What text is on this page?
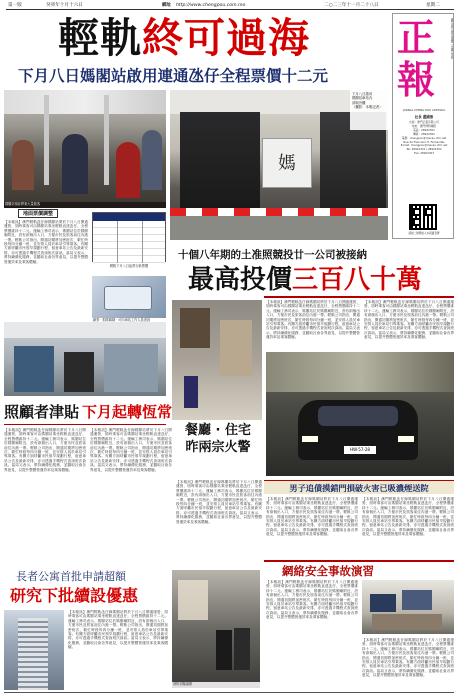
第一版	癸卯年十月十六日	網址 http://www.chengpou.com.mo	二○二三年十一月二十八日	星期二
正報
澳門出版·正報·每逢週一至週五出版
JORNAL CHENG POU LIMITADA
社長 盧國清
出版：澳門正報有限公司
地址：澳門俾利喇街
電話：28922301
傳真：28922302
電郵：chengpou@macau.ctm.net
Rua de Francisco H. Fernandes
E-mail: chengpou@macau.ctm.net
Tel: 28922301 / 28922302
Fax: 28922303
請掃二維碼加入本報讀者群
輕軌終可過海
下月八日媽閣站啟用連通氹仔全程票價十二元
媽閣站預計將來大量旅客
媽
下月八日啟用
媽閣站車站內
部與外觀
（攝影：本報記者）
地面票價調整
【本報訊】澳門輕軌氹仔線媽閣站將於下月八日開通運營，屆時乘客可由媽閣站乘坐輕軌直達氹仔，全程票價維持十二元。運輸工務司表示，媽閣站位於媽閣廟附近，設有兩個出入口，方便市民及旅客前往內港一帶。輕軌公司指出，開通初期將加密班次，繁忙時段每四分鐘一班，並安排人員於車站引導乘客。有關方面呼籲市民預早規劃行程，留意車站公告及最新安排，亦可透過手機程式查詢班次資訊。當局又表示，將持續優化服務，並聽取社會各界意見，以提升整體營運效率及乘客體驗。
輕軌下月八日起實行新票價
網景 · 狗隊聯陳 · 可向車站工作人員查詢
十個八年期的土准照競投廿一公司被接納
最高投價三百八十萬
【本報訊】澳門輕軌氹仔線媽閣站將於下月八日開通運營，屆時乘客可由媽閣站乘坐輕軌直達氹仔，全程票價維持十二元。運輸工務司表示，媽閣站位於媽閣廟附近，設有兩個出入口，方便市民及旅客前往內港一帶。輕軌公司指出，開通初期將加密班次，繁忙時段每四分鐘一班，並安排人員於車站引導乘客。有關方面呼籲市民預早規劃行程，留意車站公告及最新安排，亦可透過手機程式查詢班次資訊。當局又表示，將持續優化服務，並聽取社會各界意見，以提升整體營運效率及乘客體驗。
【本報訊】澳門輕軌氹仔線媽閣站將於下月八日開通運營，屆時乘客可由媽閣站乘坐輕軌直達氹仔，全程票價維持十二元。運輸工務司表示，媽閣站位於媽閣廟附近，設有兩個出入口，方便市民及旅客前往內港一帶。輕軌公司指出，開通初期將加密班次，繁忙時段每四分鐘一班，並安排人員於車站引導乘客。有關方面呼籲市民預早規劃行程，留意車站公告及最新安排，亦可透過手機程式查詢班次資訊。當局又表示，將持續優化服務，並聽取社會各界意見，以提升整體營運效率及乘客體驗。
HW·57-28
照顧者津貼 下月起轉恆常
【本報訊】澳門輕軌氹仔線媽閣站將於下月八日開通運營，屆時乘客可由媽閣站乘坐輕軌直達氹仔，全程票價維持十二元。運輸工務司表示，媽閣站位於媽閣廟附近，設有兩個出入口，方便市民及旅客前往內港一帶。輕軌公司指出，開通初期將加密班次，繁忙時段每四分鐘一班，並安排人員於車站引導乘客。有關方面呼籲市民預早規劃行程，留意車站公告及最新安排，亦可透過手機程式查詢班次資訊。當局又表示，將持續優化服務，並聽取社會各界意見，以提升整體營運效率及乘客體驗。
【本報訊】澳門輕軌氹仔線媽閣站將於下月八日開通運營，屆時乘客可由媽閣站乘坐輕軌直達氹仔，全程票價維持十二元。運輸工務司表示，媽閣站位於媽閣廟附近，設有兩個出入口，方便市民及旅客前往內港一帶。輕軌公司指出，開通初期將加密班次，繁忙時段每四分鐘一班，並安排人員於車站引導乘客。有關方面呼籲市民預早規劃行程，留意車站公告及最新安排，亦可透過手機程式查詢班次資訊。當局又表示，將持續優化服務，並聽取社會各界意見，以提升整體營運效率及乘客體驗。
【本報訊】澳門輕軌氹仔線媽閣站將於下月八日開通運營，屆時乘客可由媽閣站乘坐輕軌直達氹仔，全程票價維持十二元。運輸工務司表示，媽閣站位於媽閣廟附近，設有兩個出入口，方便市民及旅客前往內港一帶。輕軌公司指出，開通初期將加密班次，繁忙時段每四分鐘一班，並安排人員於車站引導乘客。有關方面呼籲市民預早規劃行程，留意車站公告及最新安排，亦可透過手機程式查詢班次資訊。當局又表示，將持續優化服務，並聽取社會各界意見，以提升整體營運效率及乘客體驗。
餐廳 · 住宅
昨兩宗火警
消防到場處理
長者公寓首批申請超額
研究下批續設優惠
【本報訊】澳門輕軌氹仔線媽閣站將於下月八日開通運營，屆時乘客可由媽閣站乘坐輕軌直達氹仔，全程票價維持十二元。運輸工務司表示，媽閣站位於媽閣廟附近，設有兩個出入口，方便市民及旅客前往內港一帶。輕軌公司指出，開通初期將加密班次，繁忙時段每四分鐘一班，並安排人員於車站引導乘客。有關方面呼籲市民預早規劃行程，留意車站公告及最新安排，亦可透過手機程式查詢班次資訊。當局又表示，將持續優化服務，並聽取社會各界意見，以提升整體營運效率及乘客體驗。
男子追債摸錯門損破火害已吸濃煙送院
【本報訊】澳門輕軌氹仔線媽閣站將於下月八日開通運營，屆時乘客可由媽閣站乘坐輕軌直達氹仔，全程票價維持十二元。運輸工務司表示，媽閣站位於媽閣廟附近，設有兩個出入口，方便市民及旅客前往內港一帶。輕軌公司指出，開通初期將加密班次，繁忙時段每四分鐘一班，並安排人員於車站引導乘客。有關方面呼籲市民預早規劃行程，留意車站公告及最新安排，亦可透過手機程式查詢班次資訊。當局又表示，將持續優化服務，並聽取社會各界意見，以提升整體營運效率及乘客體驗。
【本報訊】澳門輕軌氹仔線媽閣站將於下月八日開通運營，屆時乘客可由媽閣站乘坐輕軌直達氹仔，全程票價維持十二元。運輸工務司表示，媽閣站位於媽閣廟附近，設有兩個出入口，方便市民及旅客前往內港一帶。輕軌公司指出，開通初期將加密班次，繁忙時段每四分鐘一班，並安排人員於車站引導乘客。有關方面呼籲市民預早規劃行程，留意車站公告及最新安排，亦可透過手機程式查詢班次資訊。當局又表示，將持續優化服務，並聽取社會各界意見，以提升整體營運效率及乘客體驗。
網絡安全事故演習
【本報訊】澳門輕軌氹仔線媽閣站將於下月八日開通運營，屆時乘客可由媽閣站乘坐輕軌直達氹仔，全程票價維持十二元。運輸工務司表示，媽閣站位於媽閣廟附近，設有兩個出入口，方便市民及旅客前往內港一帶。輕軌公司指出，開通初期將加密班次，繁忙時段每四分鐘一班，並安排人員於車站引導乘客。有關方面呼籲市民預早規劃行程，留意車站公告及最新安排，亦可透過手機程式查詢班次資訊。當局又表示，將持續優化服務，並聽取社會各界意見，以提升整體營運效率及乘客體驗。
【本報訊】澳門輕軌氹仔線媽閣站將於下月八日開通運營，屆時乘客可由媽閣站乘坐輕軌直達氹仔，全程票價維持十二元。運輸工務司表示，媽閣站位於媽閣廟附近，設有兩個出入口，方便市民及旅客前往內港一帶。輕軌公司指出，開通初期將加密班次，繁忙時段每四分鐘一班，並安排人員於車站引導乘客。有關方面呼籲市民預早規劃行程，留意車站公告及最新安排，亦可透過手機程式查詢班次資訊。當局又表示，將持續優化服務，並聽取社會各界意見，以提升整體營運效率及乘客體驗。
